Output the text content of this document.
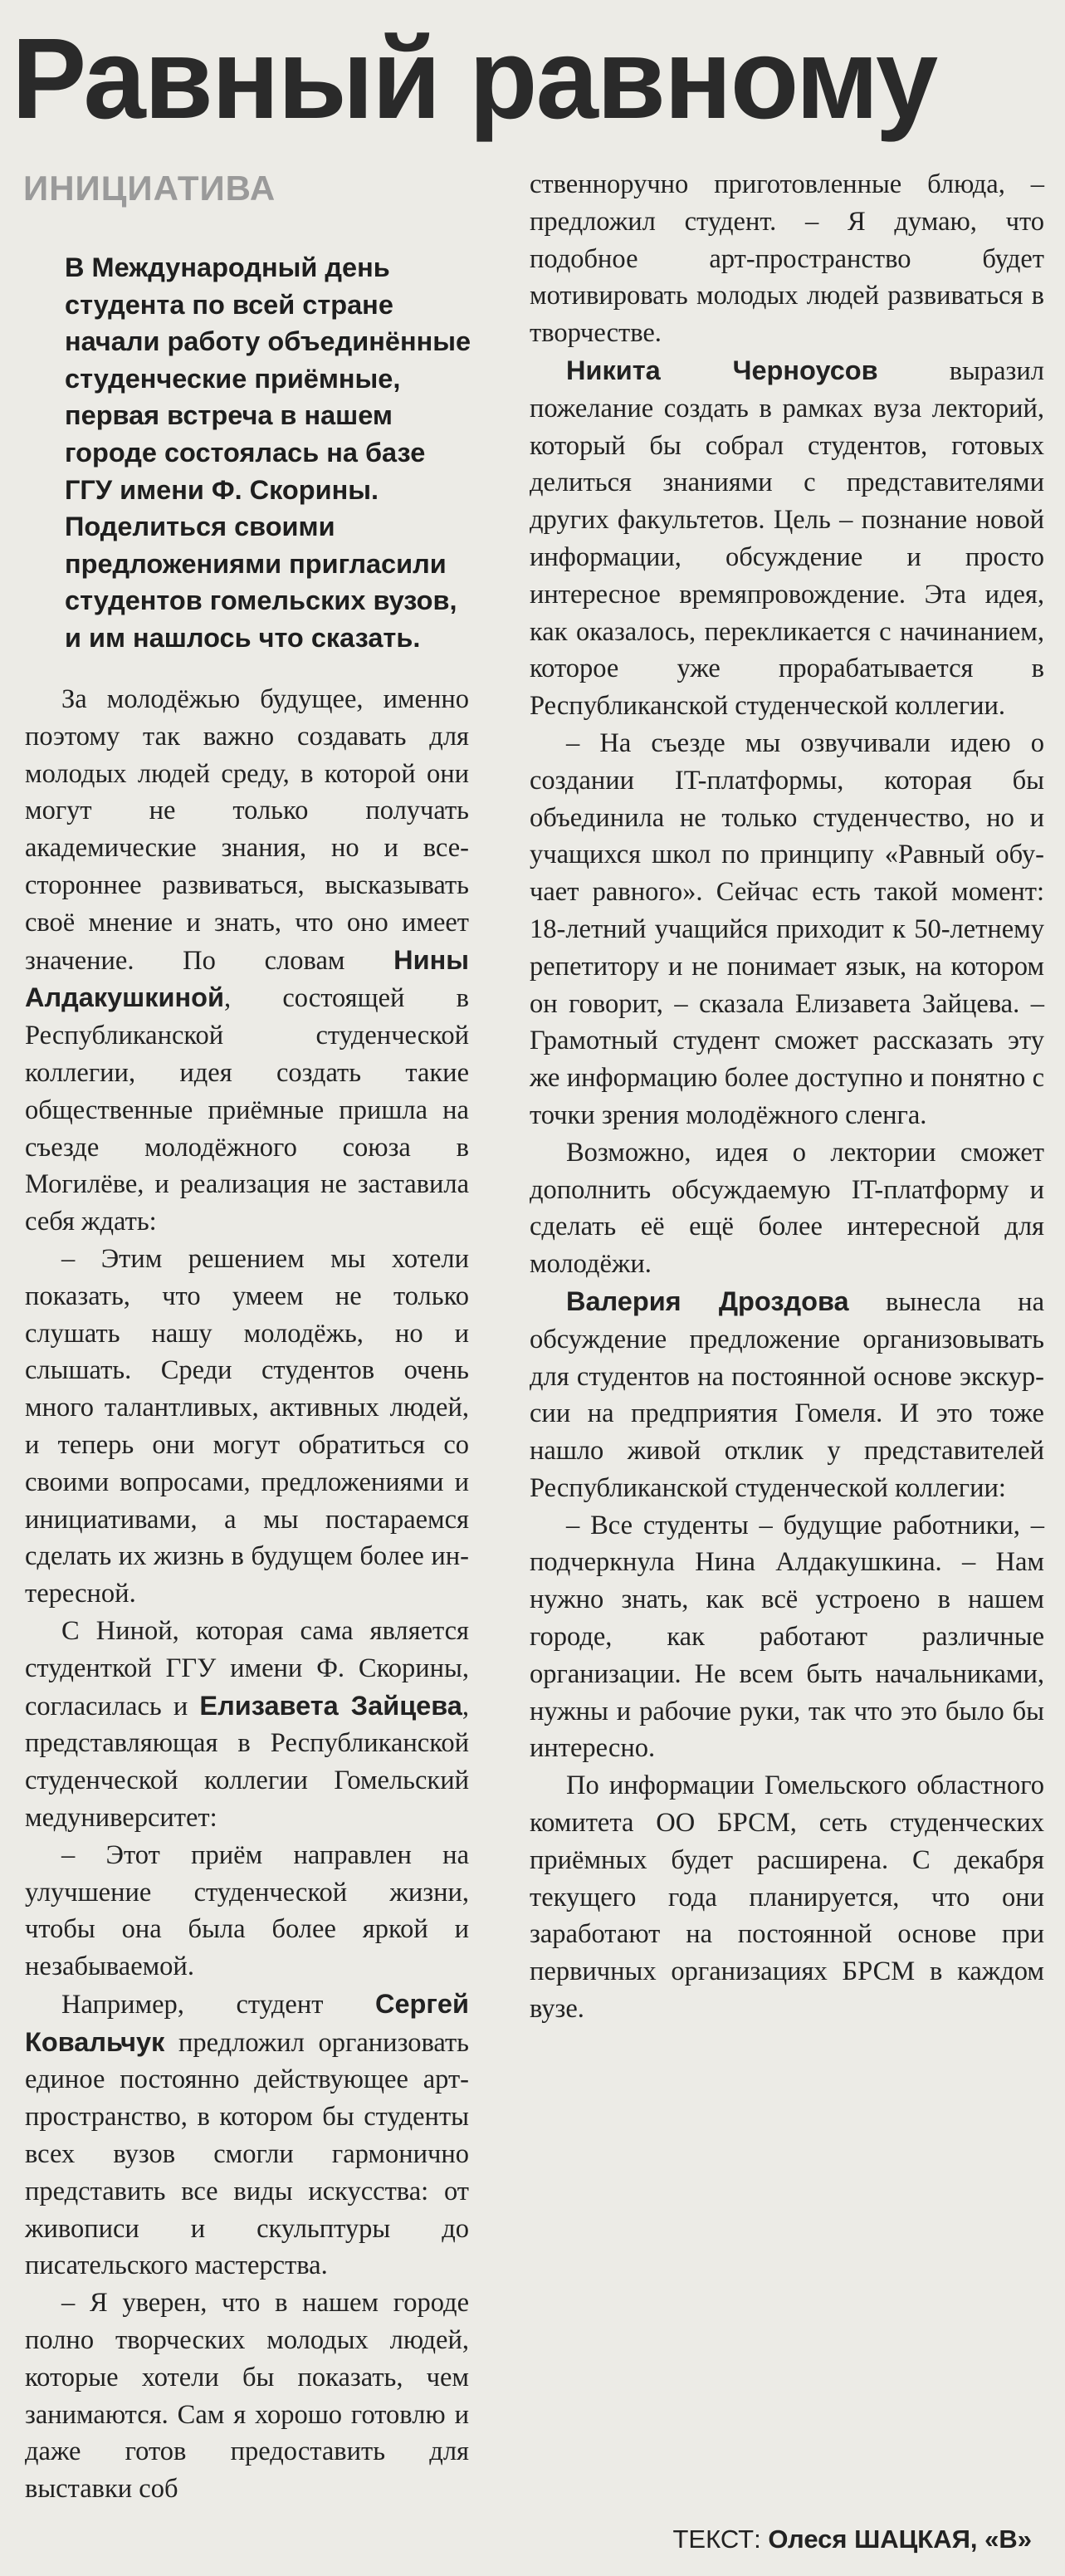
Равный равному
ИНИЦИАТИВА

В Международный день студента по всей стране начали работу объединённые студенческие приёмные, первая встреча в нашем городе состоялась на базе ГГУ имени Ф. Скорины. Поделиться своими предложениями пригласили студентов гомельских вузов, и им нашлось что сказать.

За молодёжью будущее, именно поэтому так важно создавать для молодых людей среду, в которой они могут не только получать академические знания, но и всестороннее развиваться, высказывать своё мнение и знать, что оно имеет значение. По словам Нины Алдакушкиной, состоящей в Республиканской студенческой коллегии, идея создать такие общественные приёмные пришла на съезде молодёжного союза в Могилёве, и реализация не заставила себя ждать:

– Этим решением мы хотели показать, что умеем не только слушать нашу молодёжь, но и слышать. Среди студентов очень много талантливых, активных людей, и теперь они могут обратиться со своими вопросами, предложениями и инициативами, а мы постараемся сделать их жизнь в будущем более интересной.

С Ниной, которая сама является студенткой ГГУ имени Ф. Скорины, согласилась и Елизавета Зайцева, представляющая в Республиканской студенческой коллегии Гомельский медуниверситет:

– Этот приём направлен на улучшение студенческой жизни, чтобы она была более яркой и незабываемой.

Например, студент Сергей Ковальчук предложил организовать единое постоянно действующее арт-пространство, в котором бы студенты всех вузов смогли гармонично представить все виды искусства: от живописи и скульптуры до писательского мастерства.

– Я уверен, что в нашем городе полно творческих молодых людей, которые хотели бы показать, чем занимаются. Сам я хорошо готовлю и даже готов предоставить для выставки соб

ственноручно приготовленные блюда, – предложил студент. – Я думаю, что подобное арт-пространство будет мотивировать молодых людей развиваться в творчестве.

Никита Черноусов выразил пожелание создать в рамках вуза лекторий, который бы собрал студентов, готовых делиться знаниями с представителями других факультетов. Цель – познание новой информации, обсуждение и просто интересное времяпровождение. Эта идея, как оказалось, перекликается с начинанием, которое уже прорабатывается в Республиканской студенческой коллегии.

– На съезде мы озвучивали идею о создании IT-платформы, которая бы объединила не только студенчество, но и учащихся школ по принципу «Равный обучает равного». Сейчас есть такой момент: 18-летний учащийся приходит к 50-летнему репетитору и не понимает язык, на котором он говорит, – сказала Елизавета Зайцева. – Грамотный студент сможет рассказать эту же информацию более доступно и понятно с точки зрения молодёжного сленга.

Возможно, идея о лектории сможет дополнить обсуждаемую IT-платформу и сделать её ещё более интересной для молодёжи.

Валерия Дроздова вынесла на обсуждение предложение организовывать для студентов на постоянной основе экскурсии на предприятия Гомеля. И это тоже нашло живой отклик у представителей Республиканской студенческой коллегии:

– Все студенты – будущие работники, – подчеркнула Нина Алдакушкина. – Нам нужно знать, как всё устроено в нашем городе, как работают различные организации. Не всем быть начальниками, нужны и рабочие руки, так что это было бы интересно.

По информации Гомельского областного комитета ОО БРСМ, сеть студенческих приёмных будет расширена. С декабря текущего года планируется, что они заработают на постоянной основе при первичных организациях БРСМ в каждом вузе.

ТЕКСТ: Олеся ШАЦКАЯ, «В»
